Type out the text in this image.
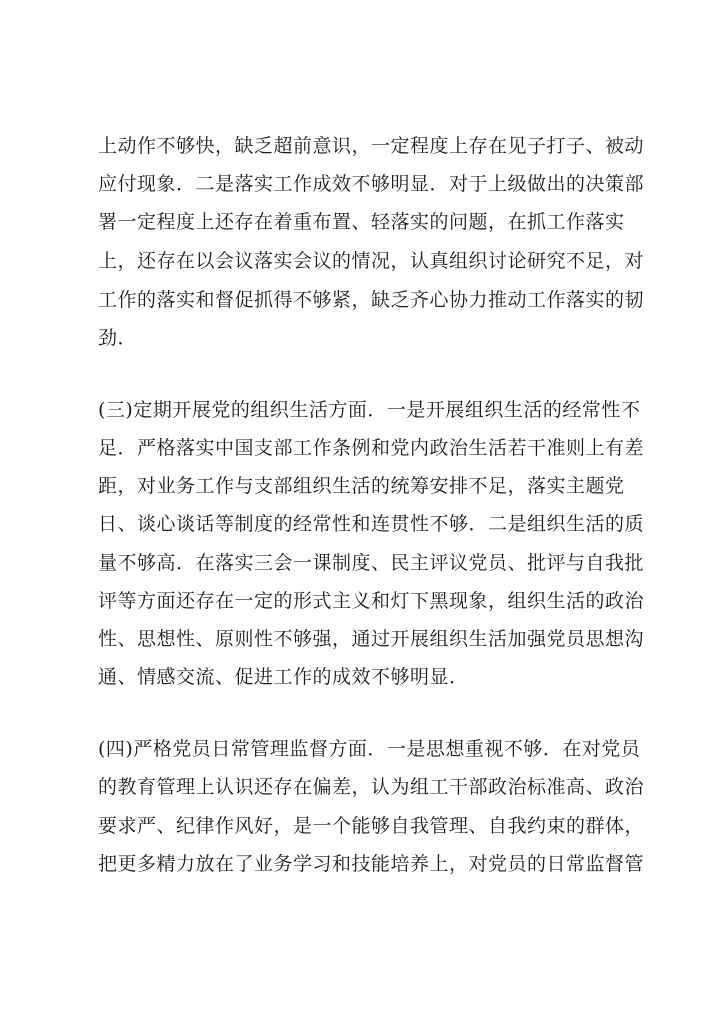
上动作不够快，缺乏超前意识，一定程度上存在见子打子、被动
应付现象．二是落实工作成效不够明显．对于上级做出的决策部
署一定程度上还存在着重布置、轻落实的问题，在抓工作落实
上，还存在以会议落实会议的情况，认真组织讨论研究不足，对
工作的落实和督促抓得不够紧，缺乏齐心协力推动工作落实的韧
劲．
(三)定期开展党的组织生活方面．一是开展组织生活的经常性不
足．严格落实中国支部工作条例和党内政治生活若干准则上有差
距，对业务工作与支部组织生活的统筹安排不足，落实主题党
日、谈心谈话等制度的经常性和连贯性不够．二是组织生活的质
量不够高．在落实三会一课制度、民主评议党员、批评与自我批
评等方面还存在一定的形式主义和灯下黑现象，组织生活的政治
性、思想性、原则性不够强，通过开展组织生活加强党员思想沟
通、情感交流、促进工作的成效不够明显．
(四)严格党员日常管理监督方面．一是思想重视不够．在对党员
的教育管理上认识还存在偏差，认为组工干部政治标准高、政治
要求严、纪律作风好，是一个能够自我管理、自我约束的群体，
把更多精力放在了业务学习和技能培养上，对党员的日常监督管
